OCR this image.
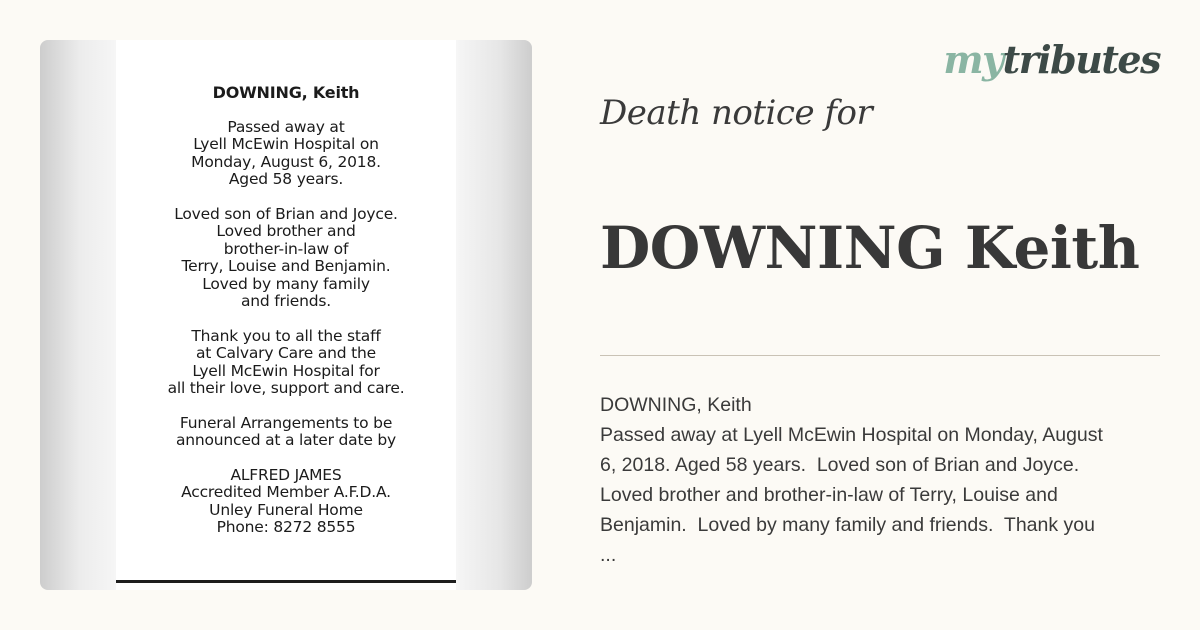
DOWNING, Keith
Passed away at
Lyell McEwin Hospital on
Monday, August 6, 2018.
Aged 58 years.
Loved son of Brian and Joyce.
Loved brother and
brother-in-law of
Terry, Louise and Benjamin.
Loved by many family
and friends.
Thank you to all the staff
at Calvary Care and the
Lyell McEwin Hospital for
all their love, support and care.
Funeral Arrangements to be
announced at a later date by
ALFRED JAMES
Accredited Member A.F.D.A.
Unley Funeral Home
Phone: 8272 8555
mytributes
Death notice for
DOWNING Keith
DOWNING, Keith
Passed away at Lyell McEwin Hospital on Monday, August
6, 2018. Aged 58 years.  Loved son of Brian and Joyce.
Loved brother and brother-in-law of Terry, Louise and
Benjamin.  Loved by many family and friends.  Thank you
...
